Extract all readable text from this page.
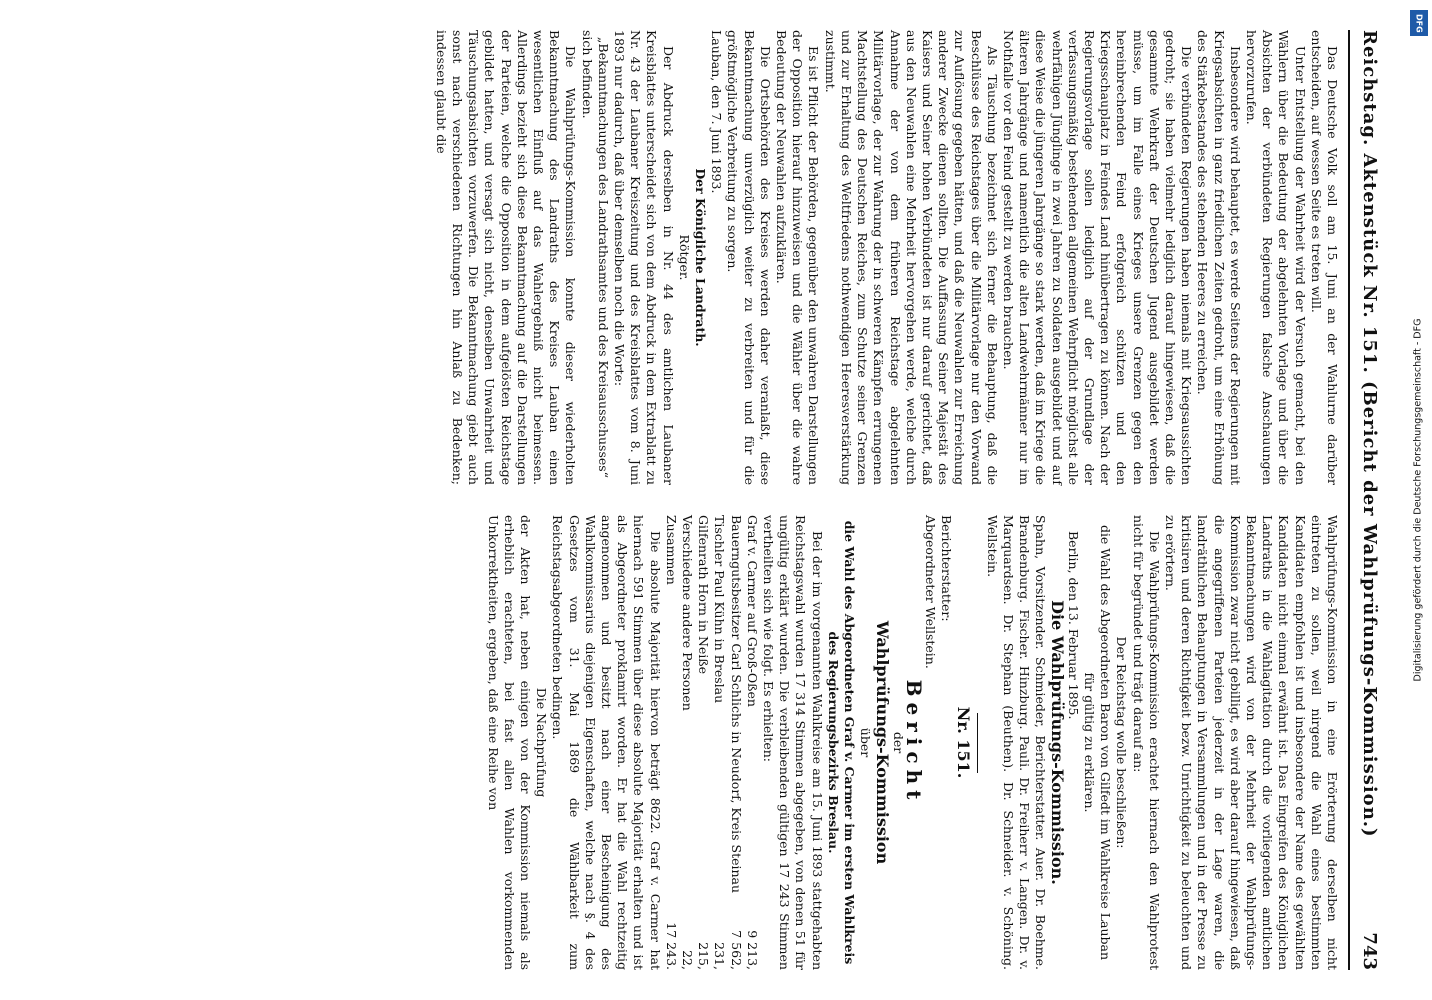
Reichstag. Aktenstück Nr. 151. (Bericht der Wahlprüfungs-Kommission.)
743

Das Deutsche Volk soll am 15. Juni an der Wahlurne darüber entscheiden, auf wessen Seite es treten will.

Unter Entstellung der Wahrheit wird der Versuch gemacht, bei den Wählern über die Bedeutung der abgelehnten Vorlage und über die Absichten der verbündeten Regierungen falsche Anschauungen hervorzurufen.

Insbesondere wird behauptet, es werde Seitens der Regierungen mit Kriegsabsichten in ganz friedlichen Zeiten gedroht, um eine Erhöhung des Stärkebestandes des stehenden Heeres zu erreichen.

Die verbündeten Regierungen haben niemals mit Kriegsaussichten gedroht; sie haben vielmehr lediglich darauf hingewiesen, daß die gesammte Wehrkraft der Deutschen Jugend ausgebildet werden müsse, um im Falle eines Krieges unsere Grenzen gegen den hereinbrechenden Feind erfolgreich schützen und den Kriegsschauplatz in Feindes Land hinübertragen zu können. Nach der Regierungsvorlage sollen lediglich auf der Grundlage der verfassungsmäßig bestehenden allgemeinen Wehrpflicht möglichst alle wehrfähigen Jünglinge in zwei Jahren zu Soldaten ausgebildet und auf diese Weise die jüngeren Jahrgänge so stark werden, daß im Kriege die älteren Jahrgänge und namentlich die alten Landwehrmänner nur im Nothfalle vor den Feind gestellt zu werden brauchen.

Als Täuschung bezeichnet sich ferner die Behauptung, daß die Beschlüsse des Reichstages über die Militärvorlage nur den Vorwand zur Auflösung gegeben hätten, und daß die Neuwahlen zur Erreichung anderer Zwecke dienen sollten. Die Auffassung Seiner Majestät des Kaisers und Seiner hohen Verbündeten ist nur darauf gerichtet, daß aus den Neuwahlen eine Mehrheit hervorgehen werde, welche durch Annahme der von dem früheren Reichstage abgelehnten Militärvorlage, der zur Wahrung der in schweren Kämpfen errungenen Machtstellung des Deutschen Reiches, zum Schutze seiner Grenzen und zur Erhaltung des Weltfriedens nothwendigen Heeresverstärkung zustimmt.

Es ist Pflicht der Behörden, gegenüber den unwahren Darstellungen der Opposition hierauf hinzuweisen und die Wähler über die wahre Bedeutung der Neuwahlen aufzuklären.

Die Ortsbehörden des Kreises werden daher veranlaßt, diese Bekanntmachung unverzüglich weiter zu verbreiten und für die größtmögliche Verbreitung zu sorgen.

Lauban, den 7. Juni 1893.

Der Königliche Landrath.

Rötger.

Der Abdruck derselben in Nr. 44 des amtlichen Laubaner Kreisblattes unterscheidet sich von dem Abdruck in dem Extrablatt zu Nr. 43 der Laubaner Kreiszeitung und des Kreisblattes vom 8. Juni 1893 nur dadurch, daß über demselben noch die Worte:

„Bekanntmachungen des Landrathsamtes und des Kreisausschusses“

sich befinden.

Die Wahlprüfungs-Kommission konnte dieser wiederholten Bekanntmachung des Landraths des Kreises Lauban einen wesentlichen Einfluß auf das Wahlergebniß nicht beimessen. Allerdings bezieht sich diese Bekanntmachung auf die Darstellungen der Parteien, welche die Opposition in dem aufgelösten Reichstage gebildet hatten, und versagt sich nicht, denselben Unwahrheit und Täuschungsabsichten vorzuwerfen. Die Bekanntmachung giebt auch sonst nach verschiedenen Richtungen hin Anlaß zu Bedenken; indessen glaubt die

Wahlprüfungs-Kommission in eine Erörterung derselben nicht eintreten zu sollen, weil nirgend die Wahl eines bestimmten Kandidaten empfohlen ist und insbesondere der Name des gewählten Kandidaten nicht einmal erwähnt ist. Das Eingreifen des Königlichen Landraths in die Wahlagitation durch die vorliegenden amtlichen Bekanntmachungen wird von der Mehrheit der Wahlprüfungs-Kommission zwar nicht gebilligt, es wird aber darauf hingewiesen, daß die angegriffenen Parteien jederzeit in der Lage waren, die landräthlichen Behauptungen in Versammlungen und in der Presse zu kritisiren und deren Richtigkeit bezw. Unrichtigkeit zu beleuchten und zu erörtern.

Die Wahlprüfungs-Kommission erachtet hiernach den Wahlprotest nicht für begründet und trägt darauf an:

Der Reichstag wolle beschließen:

die Wahl des Abgeordneten Baron von Gilfedt im Wahlkreise Lauban für gültig zu erklären.

Berlin, den 13. Februar 1895.

Die Wahlprüfungs-Kommission.

Spahn, Vorsitzender. Schmieder, Berichterstatter. Auer. Dr. Boehme. Brandenburg. Fischer. Hinzburg. Pauli. Dr. Freiherr v. Langen. Dr. v. Marquardsen. Dr. Stephan (Beuthen). Dr. Schneider. v. Schöning. Wellstein.

Nr. 151.

Berichterstatter:

Abgeordneter Wellstein.

Bericht

der

Wahlprüfungs-Kommission

über

die Wahl des Abgeordneten Graf v. Carmer im ersten Wahlkreis des Regierungsbezirks Breslau.

Bei der im vorgenannten Wahlkreise am 15. Juni 1893 stattgehabten Reichstagswahl wurden 17 314 Stimmen abgegeben, von denen 51 für ungültig erklärt wurden. Die verbleibenden gültigen 17 243 Stimmen vertheilten sich wie folgt. Es erhielten:

Graf v. Carmer auf Groß-Oßen	9 213,
Bauerngutsbesitzer Carl Schlichs in Neudorf, Kreis Steinau	7 562,
Tischler Paul Kühn in Breslau	231,
Gilfenrath Horn in Neiße	215,
Verschiedene andere Personen	22,
Zusammen	17 243.

Die absolute Majorität hiervon beträgt 8622. Graf v. Carmer hat hiernach 591 Stimmen über diese absolute Majorität erhalten und ist als Abgeordneter proklamirt worden. Er hat die Wahl rechtzeitig angenommen und besitzt nach einer Bescheinigung des Wahlkommissarius diejenigen Eigenschaften, welche nach §. 4 des Gesetzes vom 31. Mai 1869 die Wählbarkeit zum Reichstagsabgeordneten bedingen.

Die Nachprüfung

der Akten hat, neben einigen von der Kommission niemals als erheblich erachteten, bei fast allen Wahlen vorkommenden Unkorrektheiten, ergeben, daß eine Reihe von

DFG
Digitalisierung gefördert durch die Deutsche Forschungsgemeinschaft - DFG
